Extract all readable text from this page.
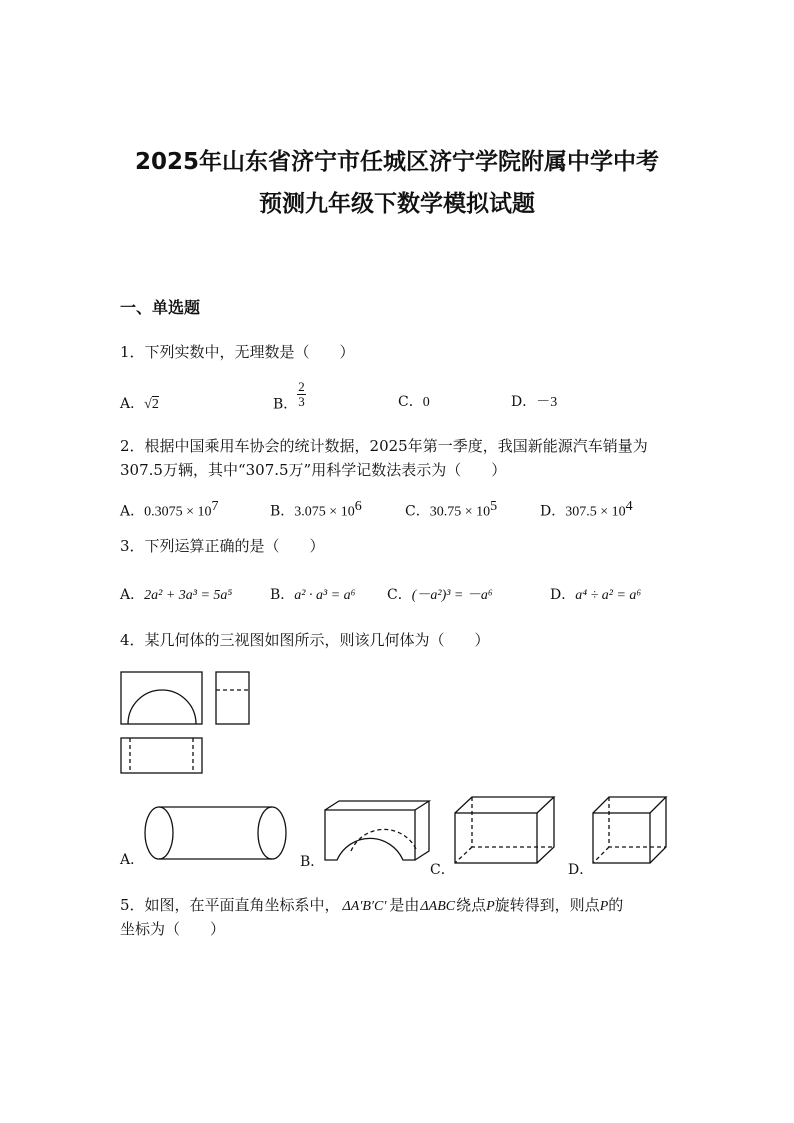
2025年山东省济宁市任城区济宁学院附属中学中考
预测九年级下数学模拟试题
一、单选题
1．下列实数中，无理数是（　　）
A．√2	B． $\frac{2}{3}$	C．0	D．－3
2．根据中国乘用车协会的统计数据，2025年第一季度，我国新能源汽车销量为
307.5万辆，其中“307.5万”用科学记数法表示为（　　）
A．$0.3075 \times 10^7$	B．$3.075 \times 10^6$	C．$30.75 \times 10^5$	D．$307.5 \times 10^4$
3．下列运算正确的是（　　）
A．2a² + 3a³ = 5a⁵	B．a² · a³ = a⁶ C．(－a²)³ = －a⁶	D．a⁴ ÷ a² = a⁶
4．某几何体的三视图如图所示，则该几何体为（　　）
A．	B．	C．	D．
5．如图，在平面直角坐标系中， ΔA′B′C′ 是由ΔABC绕点P旋转得到，则点P的
坐标为（　　）
